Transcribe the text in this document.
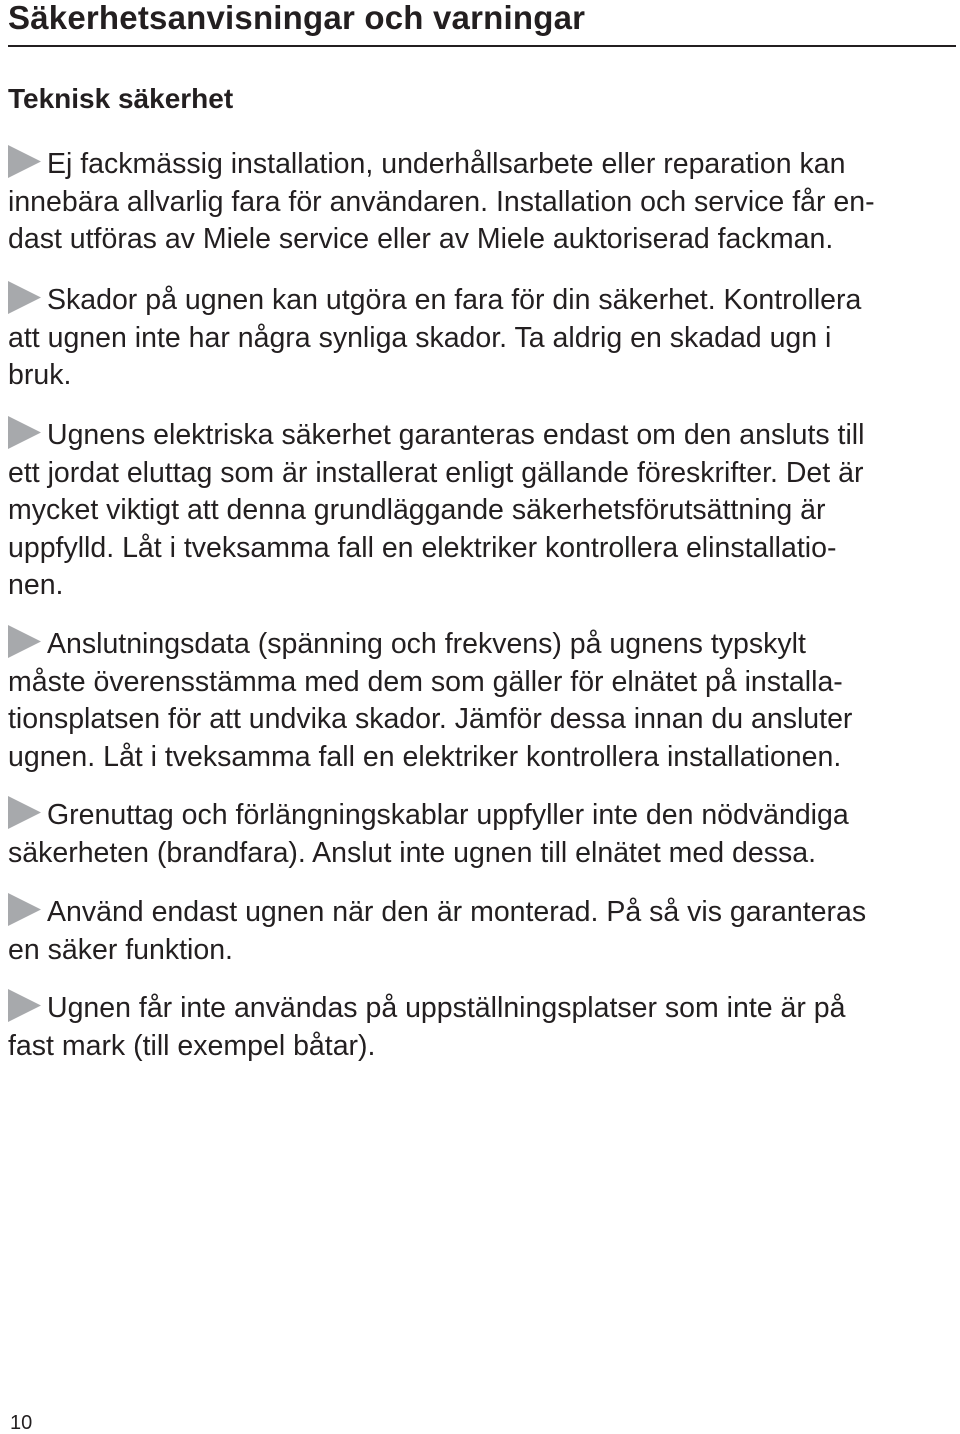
Säkerhetsanvisningar och varningar
Teknisk säkerhet

Ej fackmässig installation, underhållsarbete eller reparation kan
innebära allvarlig fara för användaren. Installation och service får en-
dast utföras av Miele service eller av Miele auktoriserad fackman.

Skador på ugnen kan utgöra en fara för din säkerhet. Kontrollera
att ugnen inte har några synliga skador. Ta aldrig en skadad ugn i
bruk.

Ugnens elektriska säkerhet garanteras endast om den ansluts till
ett jordat eluttag som är installerat enligt gällande föreskrifter. Det är
mycket viktigt att denna grundläggande säkerhetsförutsättning är
uppfylld. Låt i tveksamma fall en elektriker kontrollera elinstallatio-
nen.

Anslutningsdata (spänning och frekvens) på ugnens typskylt
måste överensstämma med dem som gäller för elnätet på installa-
tionsplatsen för att undvika skador. Jämför dessa innan du ansluter
ugnen. Låt i tveksamma fall en elektriker kontrollera installationen.

Grenuttag och förlängningskablar uppfyller inte den nödvändiga
säkerheten (brandfara). Anslut inte ugnen till elnätet med dessa.

Använd endast ugnen när den är monterad. På så vis garanteras
en säker funktion.

Ugnen får inte användas på uppställningsplatser som inte är på
fast mark (till exempel båtar).

10
